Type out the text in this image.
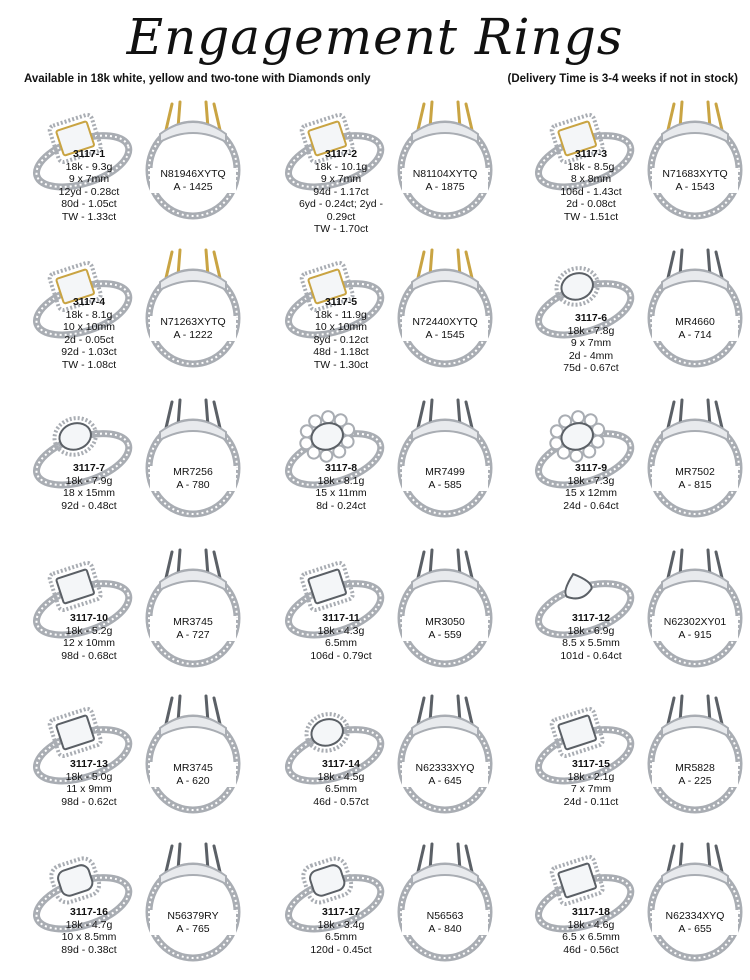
Engagement Rings
Available in 18k white, yellow and two-tone with Diamonds only	(Delivery Time is 3-4 weeks if not in stock)
N81946XYTQ
A - 1425
3117-1
18k - 9.3g
9 x 7mm
12yd - 0.28ct
80d - 1.05ct
TW - 1.33ct
N81104XYTQ
A - 1875
3117-2
18k - 10.1g
9 x 7mm
94d - 1.17ct
6yd - 0.24ct; 2yd - 0.29ct
TW - 1.70ct
N71683XYTQ
A - 1543
3117-3
18k - 8.5g
8 x 8mm
106d - 1.43ct
2d - 0.08ct
TW - 1.51ct
N71263XYTQ
A - 1222
3117-4
18k - 8.1g
10 x 10mm
2d - 0.05ct
92d - 1.03ct
TW - 1.08ct
N72440XYTQ
A - 1545
3117-5
18k - 11.9g
10 x 10mm
8yd - 0.12ct
48d - 1.18ct
TW - 1.30ct
MR4660
A - 714
3117-6
18k - 7.8g
9 x 7mm
2d - 4mm
75d - 0.67ct
MR7256
A - 780
3117-7
18k - 7.9g
18 x 15mm
92d - 0.48ct
MR7499
A - 585
3117-8
18k - 8.1g
15 x 11mm
8d - 0.24ct
MR7502
A - 815
3117-9
18k - 7.3g
15 x 12mm
24d - 0.64ct
MR3745
A - 727
3117-10
18k - 5.2g
12 x 10mm
98d - 0.68ct
MR3050
A - 559
3117-11
18k - 4.3g
6.5mm
106d - 0.79ct
N62302XY01
A - 915
3117-12
18k - 6.9g
8.5 x 5.5mm
101d - 0.64ct
MR3745
A - 620
3117-13
18k - 5.0g
11 x 9mm
98d - 0.62ct
N62333XYQ
A - 645
3117-14
18k - 4.5g
6.5mm
46d - 0.57ct
MR5828
A - 225
3117-15
18k - 2.1g
7 x 7mm
24d - 0.11ct
N56379RY
A - 765
3117-16
18k - 4.7g
10 x 8.5mm
89d - 0.38ct
N56563
A - 840
3117-17
18k - 3.4g
6.5mm
120d - 0.45ct
N62334XYQ
A - 655
3117-18
18k - 4.6g
6.5 x 6.5mm
46d - 0.56ct
